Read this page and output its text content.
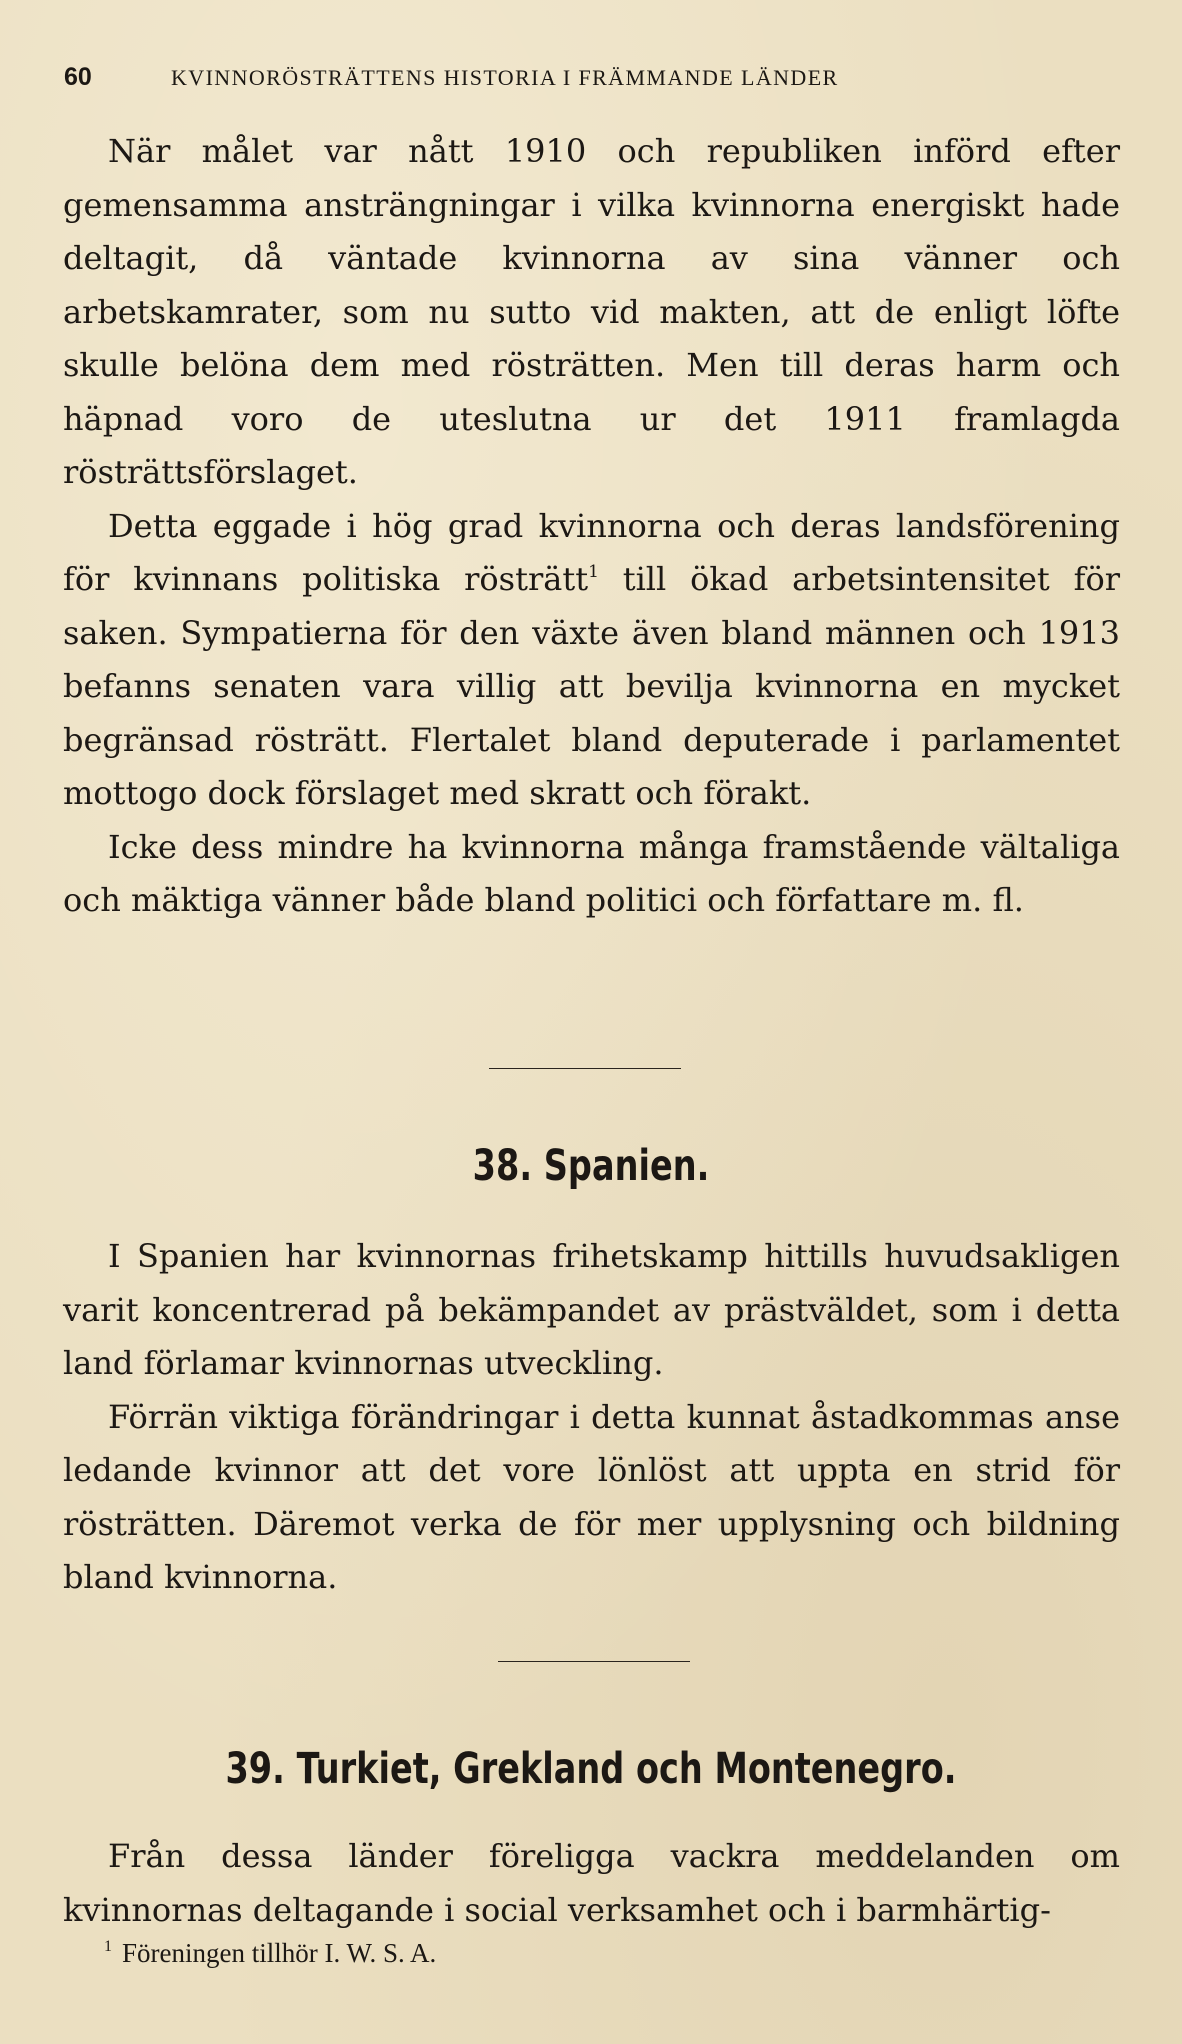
60	KVINNORÖSTRÄTTENS HISTORIA I FRÄMMANDE LÄNDER

När målet var nått 1910 och republiken införd efter gemensamma ansträngningar i vilka kvinnorna energiskt hade deltagit, då väntade kvinnorna av sina vänner och arbetskamrater, som nu sutto vid makten, att de enligt löfte skulle belöna dem med rösträtten. Men till deras harm och häpnad voro de uteslutna ur det 1911 framlagda rösträttsförslaget.

Detta eggade i hög grad kvinnorna och deras landsförening för kvinnans politiska rösträtt$^1$ till ökad arbetsintensitet för saken. Sympatierna för den växte även bland männen och 1913 befanns senaten vara villig att bevilja kvinnorna en mycket begränsad rösträtt. Flertalet bland deputerade i parlamentet mottogo dock förslaget med skratt och förakt.

Icke dess mindre ha kvinnorna många framstående vältaliga och mäktiga vänner både bland politici och författare m. fl.

38. Spanien.

I Spanien har kvinnornas frihetskamp hittills huvudsakligen varit koncentrerad på bekämpandet av prästväldet, som i detta land förlamar kvinnornas utveckling.

Förrän viktiga förändringar i detta kunnat åstadkommas anse ledande kvinnor att det vore lönlöst att uppta en strid för rösträtten. Däremot verka de för mer upplysning och bildning bland kvinnorna.

39. Turkiet, Grekland och Montenegro.

Från dessa länder föreligga vackra meddelanden om kvinnornas deltagande i social verksamhet och i barmhärtig-

$^1$ Föreningen tillhör I. W. S. A.
